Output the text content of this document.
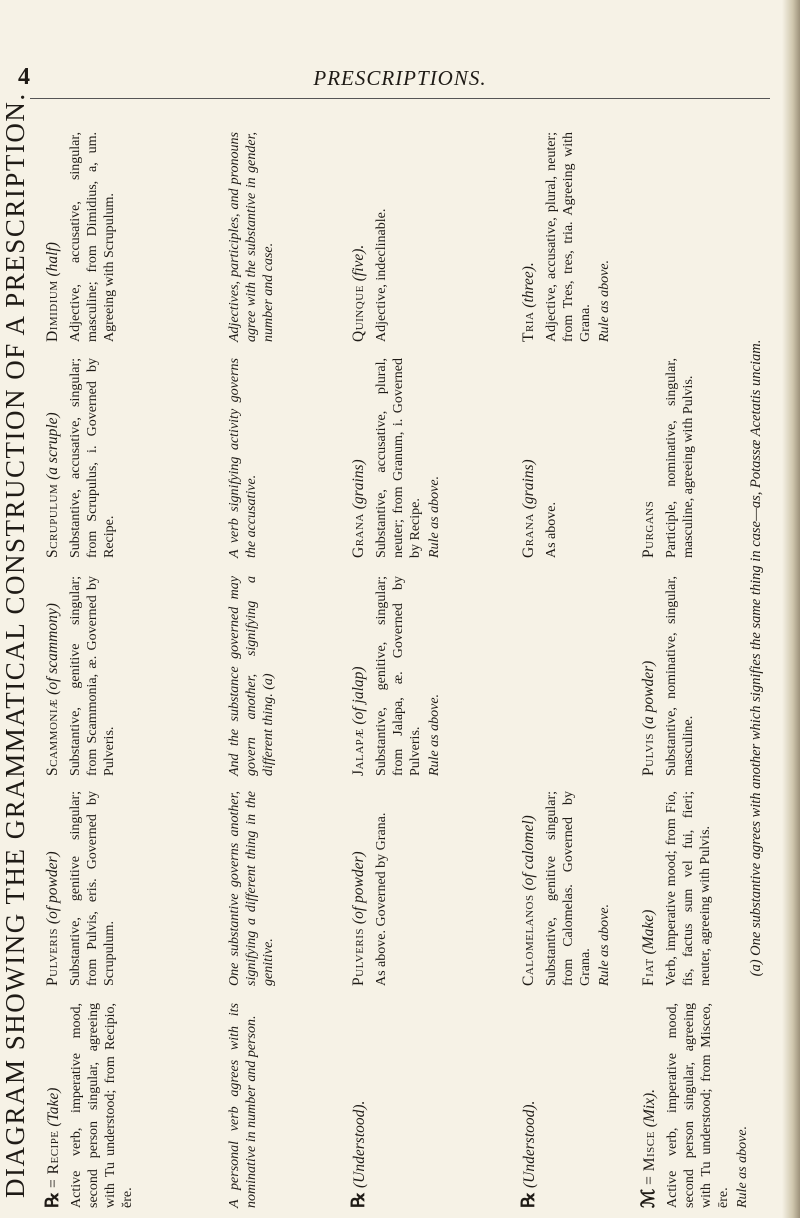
4	PRESCRIPTIONS.
DIAGRAM SHOWING THE GRAMMATICAL CONSTRUCTION OF A PRESCRIPTION.
℞ = Recipe (Take) Active verb, imperative mood, second person singular, agreeing with Tu understood; from Recipio, ĕre.
Pulveris (of powder) Substantive, genitive singular; from Pulvis, eris. Governed by Scrupulum.
Scammoniæ (of scammony) Substantive, genitive singular; from Scammonia, æ. Governed by Pulveris.
Scrupulum (a scruple) Substantive, accusative, singular; from Scrupulus, i. Governed by Recipe.
Dimidium (half) Adjective, accusative, singular, masculine; from Dimidius, a, um. Agreeing with Scrupulum.
A personal verb agrees with its nominative in number and person.
One substantive governs another, signifying a different thing in the genitive.
And the substance governed may govern another, signifying a different thing. (a)
A verb signifying activity governs the accusative.
Adjectives, participles, and pronouns agree with the substantive in gender, number and case.
℞ (Understood).
Pulveris (of powder) As above. Governed by Grana.
Jalapæ (of jalap) Substantive, genitive, singular; from Jalapa, æ. Governed by Pulveris. Rule as above.
Grana (grains) Substantive, accusative, plural, neuter; from Granum, i. Governed by Recipe. Rule as above.
Quinque (five). Adjective, indeclinable.
℞ (Understood).
Calomelanos (of calomel) Substantive, genitive singular; from Calomelas. Governed by Grana. Rule as above.
Grana (grains)
As above.
Tria (three). Adjective, accusative, plural, neuter; from Tres, tres, tria. Agreeing with Grana. Rule as above.
ℳ = Misce (Mix). Active verb, imperative mood, second person singular, agreeing with Tu understood; from Misceo, ēre. Rule as above.
Fiat (Make) Verb, imperative mood; from Fio, fis, factus sum vel fui, fieri; neuter, agreeing with Pulvis.
Pulvis (a powder) Substantive, nominative, singular, masculine.
Purgans Participle, nominative, singular, masculine, agreeing with Pulvis.	(a) One substantive agrees with another which signifies the same thing in case—as, Potassæ Acetatis unciam.
